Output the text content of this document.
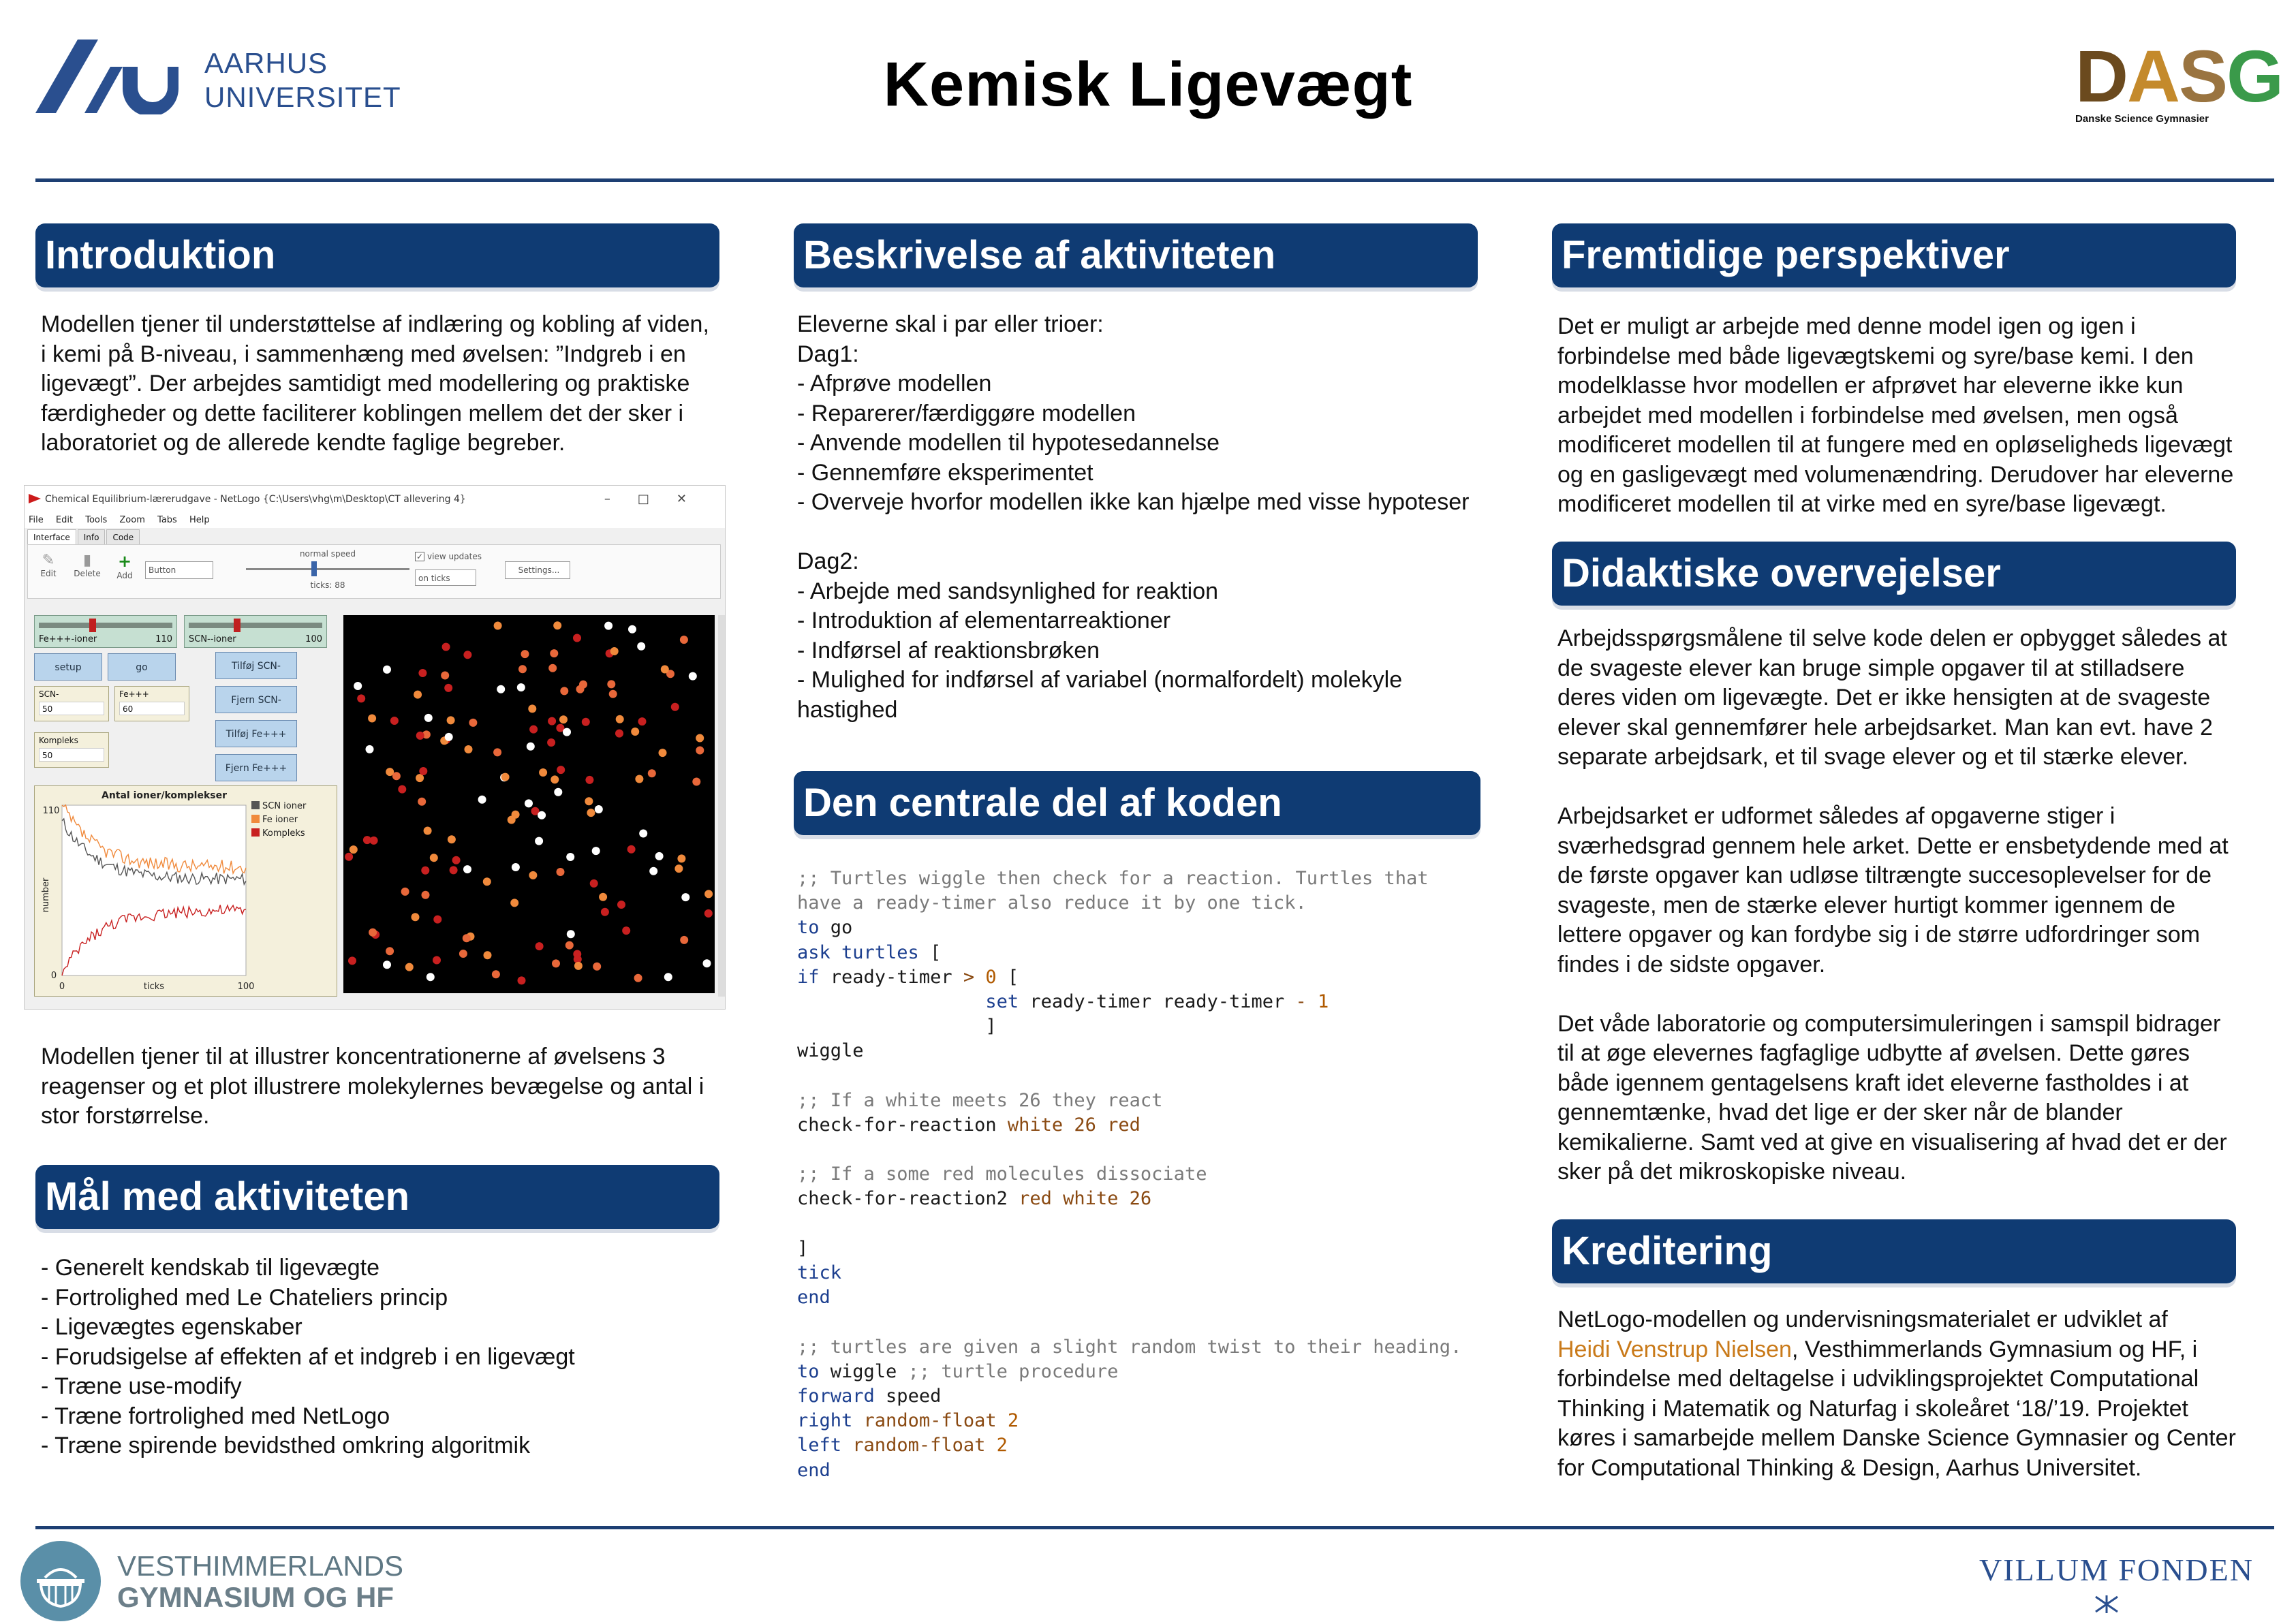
AARHUS
UNIVERSITET	Kemisk Ligevægt	DASG
Danske Science Gymnasier
Introduktion

Modellen tjener til understøttelse af indlæring og kobling af viden, i kemi på B-niveau, i sammenhæng med øvelsen: ”Indgreb i en ligevægt”. Der arbejdes samtidigt med modellering og praktiske færdigheder og dette faciliterer koblingen mellem det der sker i laboratoriet og de allerede kendte faglige begreber.

Chemical Equilibrium-lærerudgave - NetLogo {C:\Users\vhg\m\Desktop\CT allevering 4}	–□✕
File Edit Tools Zoom Tabs Help
Interface Info Code
✎
Edit
▮
Delete
+
Add
Button
normal speed
ticks: 88
✓ view updates
on ticks
Settings...
Fe+++-ioner	110 SCN--ioner	100
setup	go	Tilføj SCN-
Fjern SCN-
Tilføj Fe+++
Fjern Fe+++
SCN-
50
Fe+++
60
Kompleks
50
Antal ioner/komplekser
110
0
0	100
ticks
number
SCN ioner
Fe ioner
Kompleks

Modellen tjener til at illustrer koncentrationerne af øvelsens 3 reagenser og et plot illustrere molekylernes bevægelse og antal i stor forstørrelse.

Mål med aktiviteten

- Generelt kendskab til ligevægte

- Fortrolighed med Le Chateliers princip

- Ligevægtes egenskaber

- Forudsigelse af effekten af et indgreb i en ligevægt

- Træne use-modify

- Træne fortrolighed med NetLogo

- Træne spirende bevidsthed omkring algoritmik

Beskrivelse af aktiviteten

Eleverne skal i par eller trioer:

Dag1:

- Afprøve modellen

- Reparerer/færdiggøre modellen

- Anvende modellen til hypotesedannelse

- Gennemføre eksperimentet

- Overveje hvorfor modellen ikke kan hjælpe med visse hypoteser

Dag2:

- Arbejde med sandsynlighed for reaktion

- Introduktion af elementarreaktioner

- Indførsel af reaktionsbrøken

- Mulighed for indførsel af variabel (normalfordelt) molekyle hastighed

Den centrale del af koden
;; Turtles wiggle then check for a reaction. Turtles that
have a ready-timer also reduce it by one tick.
to go
ask turtles [
if ready-timer > 0 [
set ready-timer ready-timer - 1
]
wiggle
;; If a white meets 26 they react
check-for-reaction white 26 red
;; If a some red molecules dissociate
check-for-reaction2 red white 26
]
tick
end
;; turtles are given a slight random twist to their heading.
to wiggle ;; turtle procedure
forward speed
right random-float 2
left random-float 2
end
Fremtidige perspektiver

Det er muligt ar arbejde med denne model igen og igen i forbindelse med både ligevægtskemi og syre/base kemi. I den modelklasse hvor modellen er afprøvet har eleverne ikke kun arbejdet med modellen i forbindelse med øvelsen, men også modificeret modellen til at fungere med en opløseligheds ligevægt og en gasligevægt med volumenændring. Derudover har eleverne modificeret modellen til at virke med en syre/base ligevægt.

Didaktiske overvejelser

Arbejdsspørgsmålene til selve kode delen er opbygget således at de svageste elever kan bruge simple opgaver til at stilladsere deres viden om ligevægte. Det er ikke hensigten at de svageste elever skal gennemfører hele arbejdsarket. Man kan evt. have 2 separate arbejdsark, et til svage elever og et til stærke elever.

Arbejdsarket er udformet således af opgaverne stiger i sværhedsgrad gennem hele arket. Dette er ensbetydende med at de første opgaver kan udløse tiltrængte succesoplevelser for de svageste, men de stærke elever hurtigt kommer igennem de lettere opgaver og kan fordybe sig i de større udfordringer som findes i de sidste opgaver.

Det våde laboratorie og computersimuleringen i samspil bidrager til at øge elevernes fagfaglige udbytte af øvelsen. Dette gøres både igennem gentagelsens kraft idet eleverne fastholdes i at gennemtænke, hvad det lige er der sker når de blander kemikalierne. Samt ved at give en visualisering af hvad det er der sker på det mikroskopiske niveau.

Kreditering

NetLogo-modellen og undervisningsmaterialet er udviklet af
Heidi Venstrup Nielsen, Vesthimmerlands Gymnasium og HF, i forbindelse med deltagelse i udviklingsprojektet Computational Thinking i Matematik og Naturfag i skoleåret ‘18/’19. Projektet køres i samarbejde mellem Danske Science Gymnasier og Center for Computational Thinking & Design, Aarhus Universitet.

VESTHIMMERLANDS
GYMNASIUM OG HF
VILLUM FONDEN
